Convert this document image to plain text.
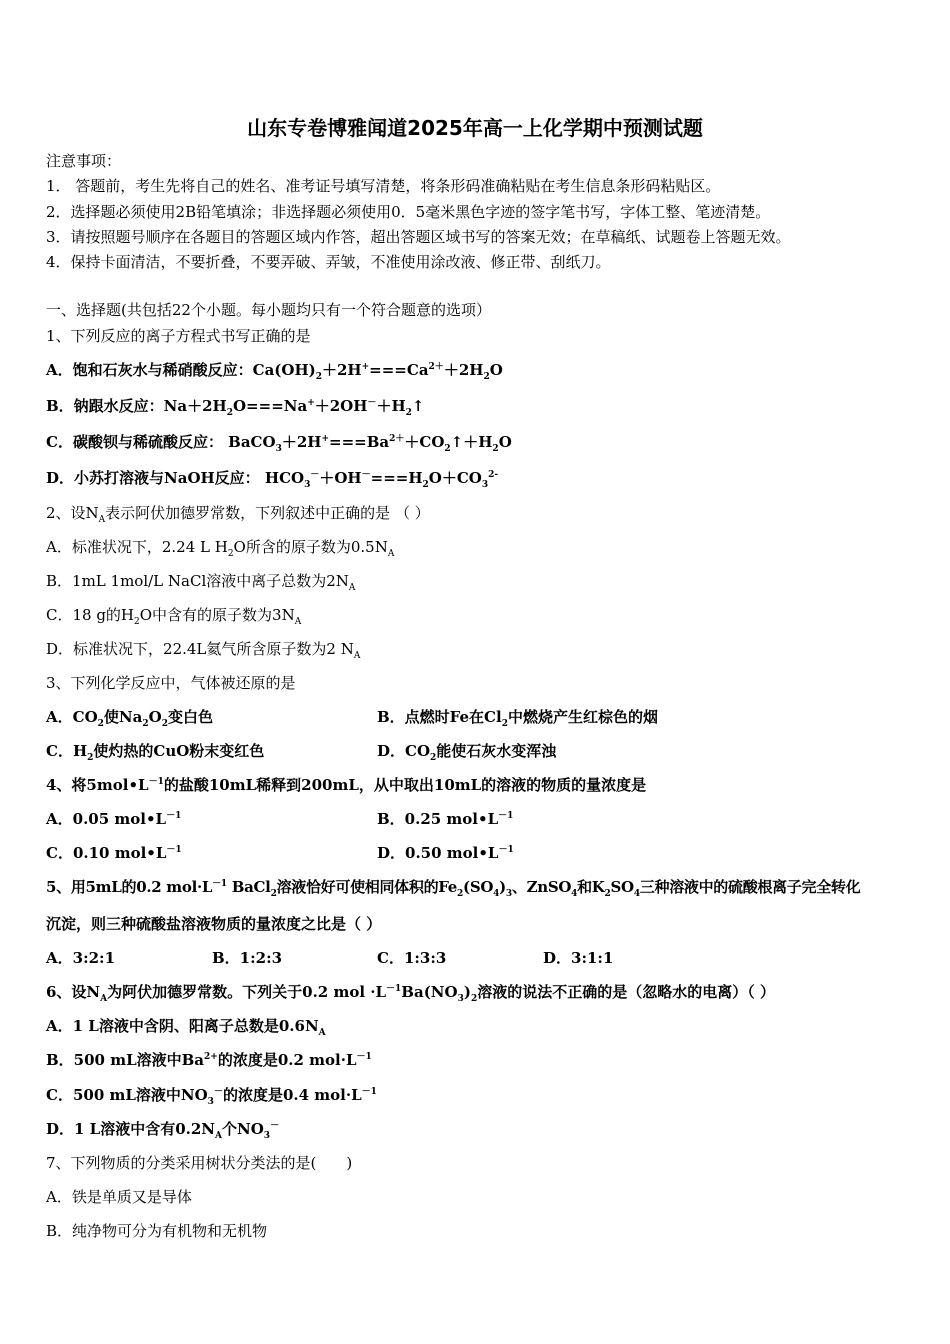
山东专卷博雅闻道2025年高一上化学期中预测试题
注意事项：
1． 答题前，考生先将自己的姓名、准考证号填写清楚，将条形码准确粘贴在考生信息条形码粘贴区。
2．选择题必须使用2B铅笔填涂；非选择题必须使用0．5毫米黑色字迹的签字笔书写，字体工整、笔迹清楚。
3．请按照题号顺序在各题目的答题区域内作答，超出答题区域书写的答案无效；在草稿纸、试题卷上答题无效。
4．保持卡面清洁，不要折叠，不要弄破、弄皱，不准使用涂改液、修正带、刮纸刀。
一、选择题(共包括22个小题。每小题均只有一个符合题意的选项）
1、下列反应的离子方程式书写正确的是
A．饱和石灰水与稀硝酸反应：$Ca(OH)_2+2H^+===Ca^{2+}+2H_2O$
B．钠跟水反应：$Na+2H_2O===Na^++2OH^-+H_2↑$
C．碳酸钡与稀硫酸反应： $BaCO_3+2H^+===Ba^{2+}+CO_2↑+H_2O$
D．小苏打溶液与NaOH反应： $HCO_3^-+OH^-===H_2O+CO_3^{2-}$
2、设$N_A$表示阿伏加德罗常数，下列叙述中正确的是 （ ）
A．标准状况下，2.24 L $H_2O$所含的原子数为$0.5N_A$
B．1mL 1mol/L NaCl溶液中离子总数为$2N_A$
C．18 g的$H_2O$中含有的原子数为$3N_A$
D．标准状况下，22.4L氦气所含原子数为2 $N_A$
3、下列化学反应中，气体被还原的是
A．$CO_2$使$Na_2O_2$变白色	B．点燃时Fe在$Cl_2$中燃烧产生红棕色的烟
C．$H_2$使灼热的CuO粉末变红色	D．$CO_2$能使石灰水变浑浊
4、将$5mol•L^{-1}$的盐酸10mL稀释到200mL，从中取出10mL的溶液的物质的量浓度是
A．0.05 $mol•L^{-1}$	B．0.25 $mol•L^{-1}$
C．0.10 $mol•L^{-1}$	D．0.50 $mol•L^{-1}$
5、用5mL的0.2 $mol\cdot L^{-1}$ BaCl$_2$溶液恰好可使相同体积的$Fe_2(SO_4)_3$、ZnSO$_4$和$K_2SO_4$三种溶液中的硫酸根离子完全转化
沉淀，则三种硫酸盐溶液物质的量浓度之比是（ ）
A．3:2:1	B．1:2:3	C．1:3:3	D．3:1:1
6、设$N_A$为阿伏加德罗常数。下列关于0.2 mol $\cdot L^{-1}Ba(NO_3)_2$溶液的说法不正确的是（忽略水的电离）（ ）
A．1 L溶液中含阴、阳离子总数是$0.6N_A$
B．500 mL溶液中$Ba^{2+}$的浓度是0.2 $mol\cdot L^{-1}$
C．500 mL溶液中$NO_3^-$的浓度是0.4 $mol\cdot L^{-1}$
D．1 L溶液中含有$0.2N_A$个$NO_3^-$
7、下列物质的分类采用树状分类法的是(　　)
A．铁是单质又是导体
B．纯净物可分为有机物和无机物
